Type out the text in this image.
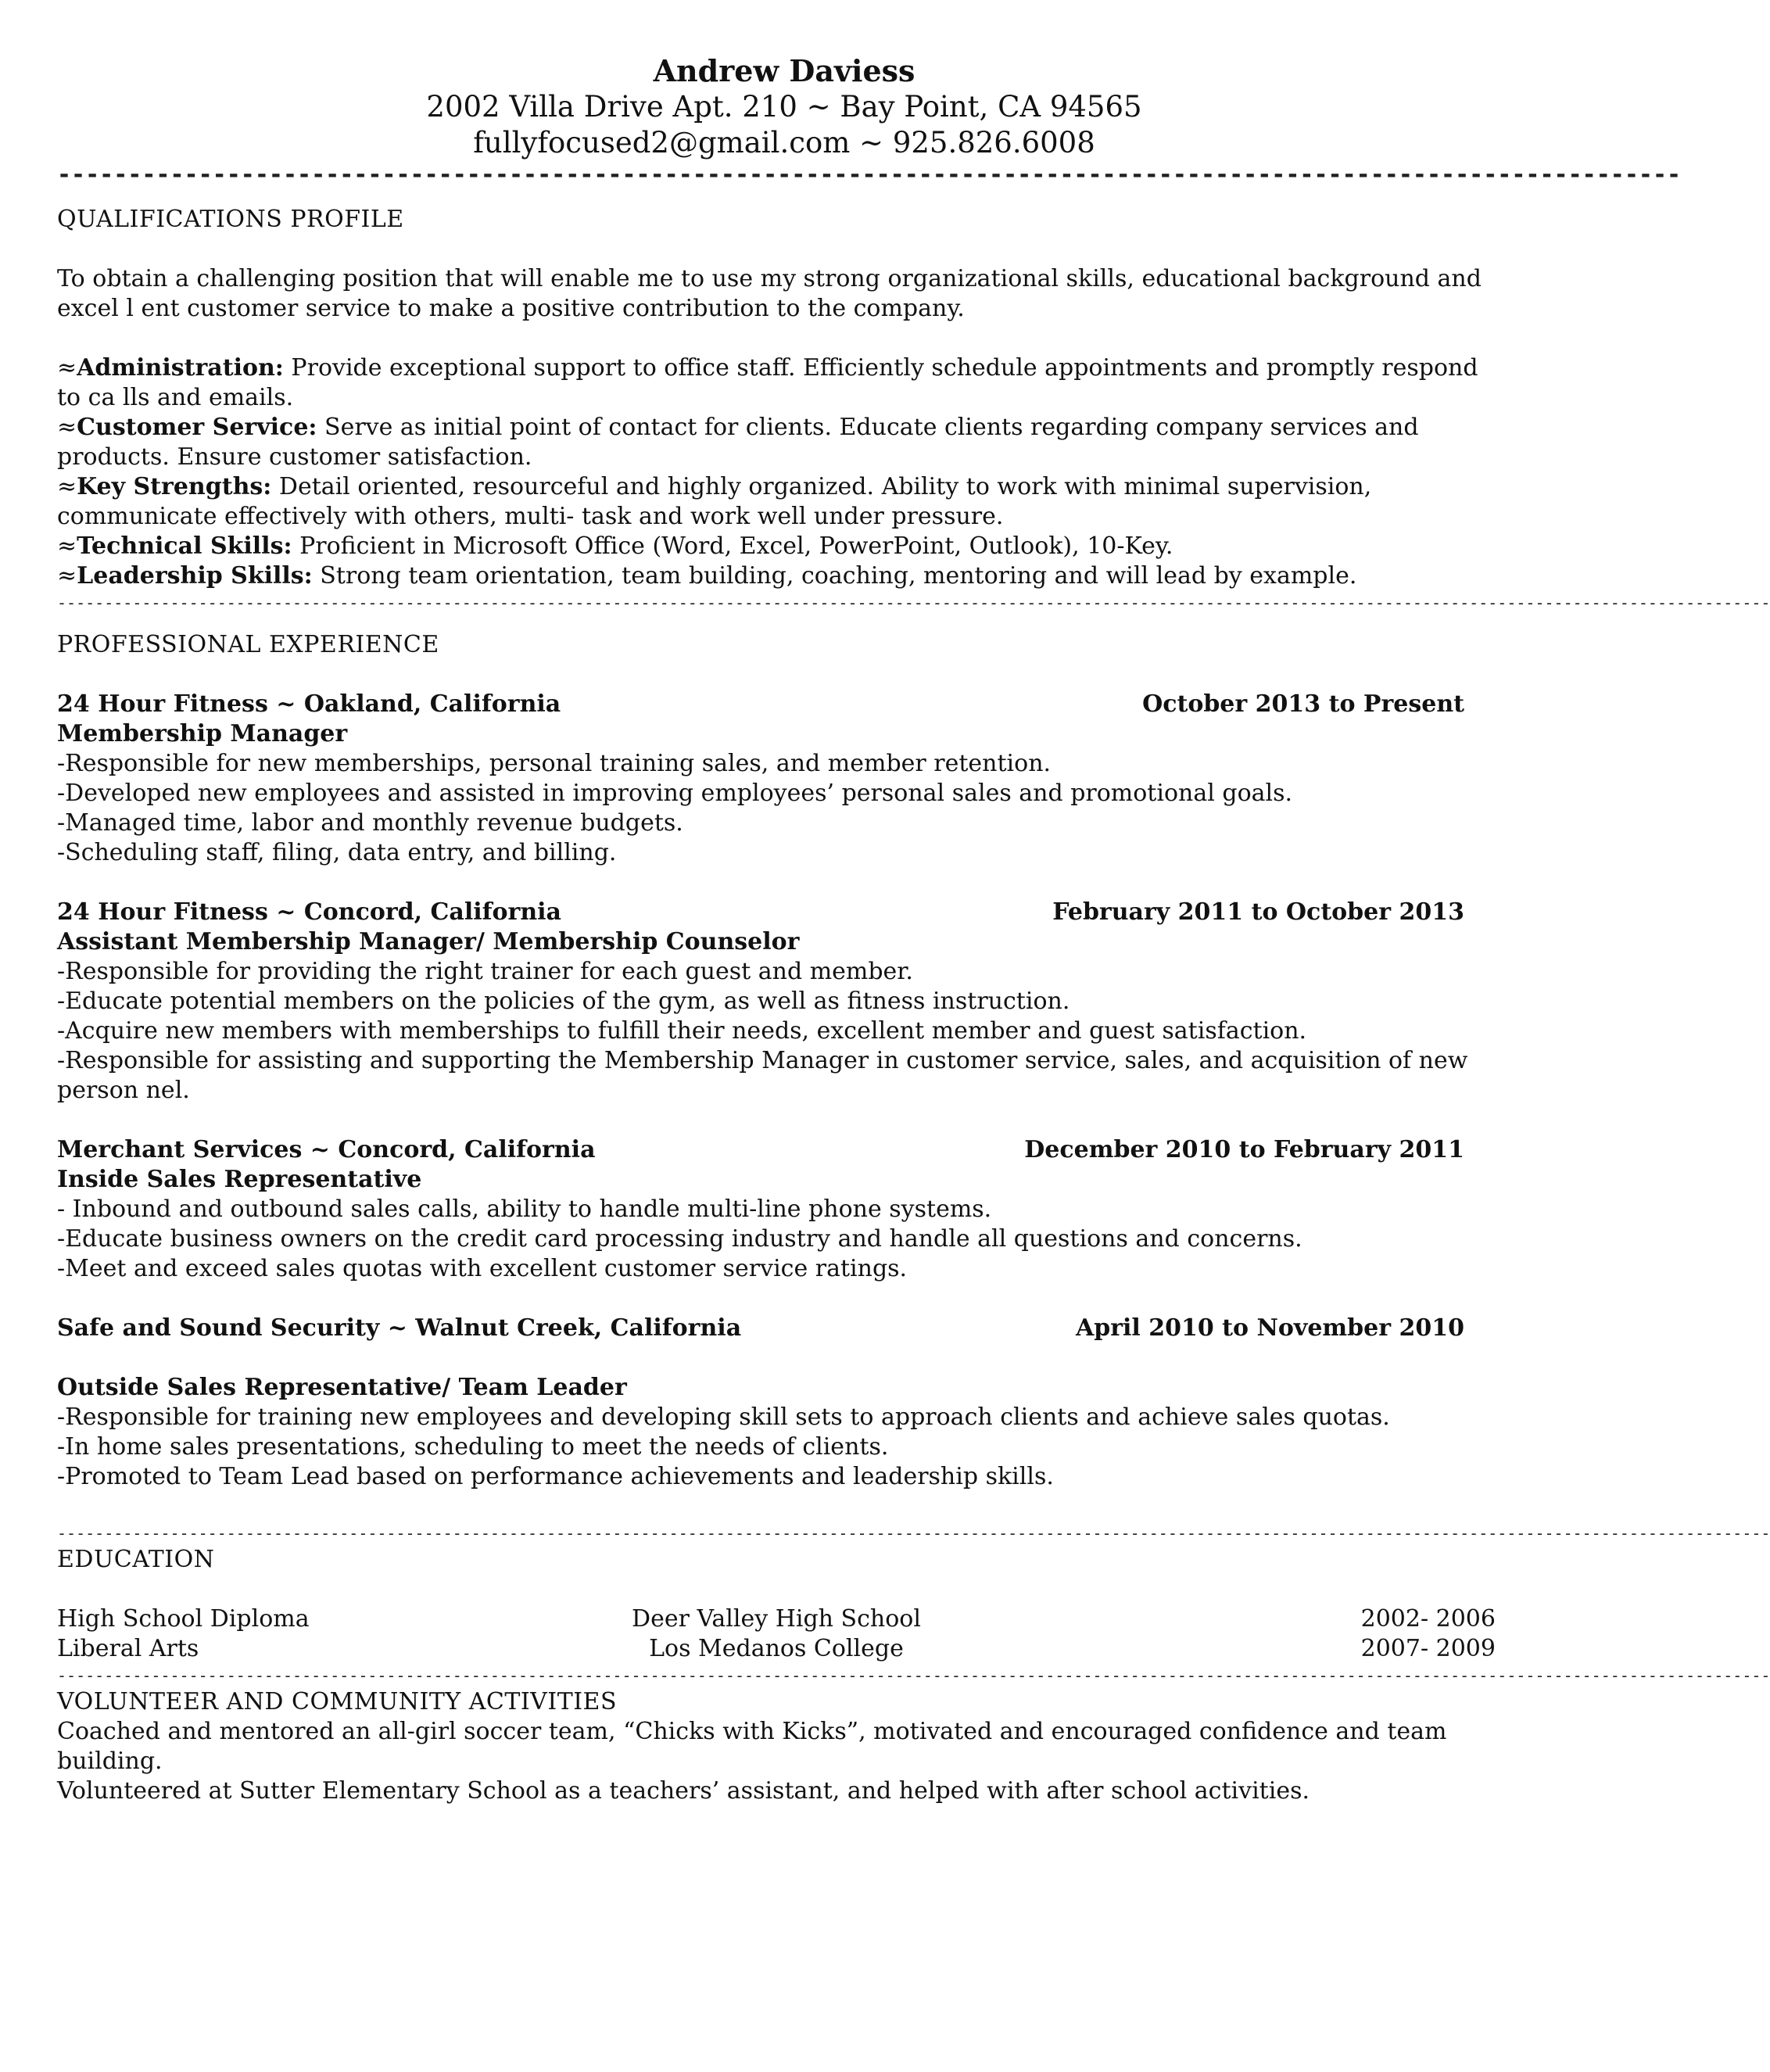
Andrew Daviess
2002 Villa Drive Apt. 210 ~ Bay Point, CA 94565
fullyfocused2@gmail.com ~ 925.826.6008
-------------------------------------------------------------------------------------------------------------------
QUALIFICATIONS PROFILE

To obtain a challenging position that will enable me to use my strong organizational skills, educational background and excel l ent customer service to make a positive contribution to the company.

≈Administration: Provide exceptional support to office staff. Efficiently schedule appointments and promptly respond to ca lls and emails.
≈Customer Service: Serve as initial point of contact for clients. Educate clients regarding company services and products. Ensure customer satisfaction.
≈Key Strengths: Detail oriented, resourceful and highly organized. Ability to work with minimal supervision, communicate effectively with others, multi- task and work well under pressure.
≈Technical Skills: Proficient in Microsoft Office (Word, Excel, PowerPoint, Outlook), 10-Key.
≈Leadership Skills: Strong team orientation, team building, coaching, mentoring and will lead by example.
--------------------------------------------------------------------------------------------------------------------------------------------------------------------------------------
PROFESSIONAL EXPERIENCE
24 Hour Fitness ~ Oakland, California	October 2013 to Present
Membership Manager
-Responsible for new memberships, personal training sales, and member retention.
-Developed new employees and assisted in improving employees’ personal sales and promotional goals.
-Managed time, labor and monthly revenue budgets.
-Scheduling staff, filing, data entry, and billing.
24 Hour Fitness ~ Concord, California	February 2011 to October 2013
Assistant Membership Manager/ Membership Counselor
-Responsible for providing the right trainer for each guest and member.
-Educate potential members on the policies of the gym, as well as fitness instruction.
-Acquire new members with memberships to fulfill their needs, excellent member and guest satisfaction.
-Responsible for assisting and supporting the Membership Manager in customer service, sales, and acquisition of new person nel.
Merchant Services ~ Concord, California	December 2010 to February 2011
Inside Sales Representative
- Inbound and outbound sales calls, ability to handle multi-line phone systems.
-Educate business owners on the credit card processing industry and handle all questions and concerns.
-Meet and exceed sales quotas with excellent customer service ratings.
Safe and Sound Security ~ Walnut Creek, California	April 2010 to November 2010
Outside Sales Representative/ Team Leader
-Responsible for training new employees and developing skill sets to approach clients and achieve sales quotas.
-In home sales presentations, scheduling to meet the needs of clients.
-Promoted to Team Lead based on performance achievements and leadership skills.
--------------------------------------------------------------------------------------------------------------------------------------------------------------------------------------
EDUCATION
High School Diploma	Deer Valley High School	2002- 2006
Liberal Arts	Los Medanos College	2007- 2009
--------------------------------------------------------------------------------------------------------------------------------------------------------------------------------------
VOLUNTEER AND COMMUNITY ACTIVITIES
Coached and mentored an all-girl soccer team, “Chicks with Kicks”, motivated and encouraged confidence and team building.
Volunteered at Sutter Elementary School as a teachers’ assistant, and helped with after school activities.
